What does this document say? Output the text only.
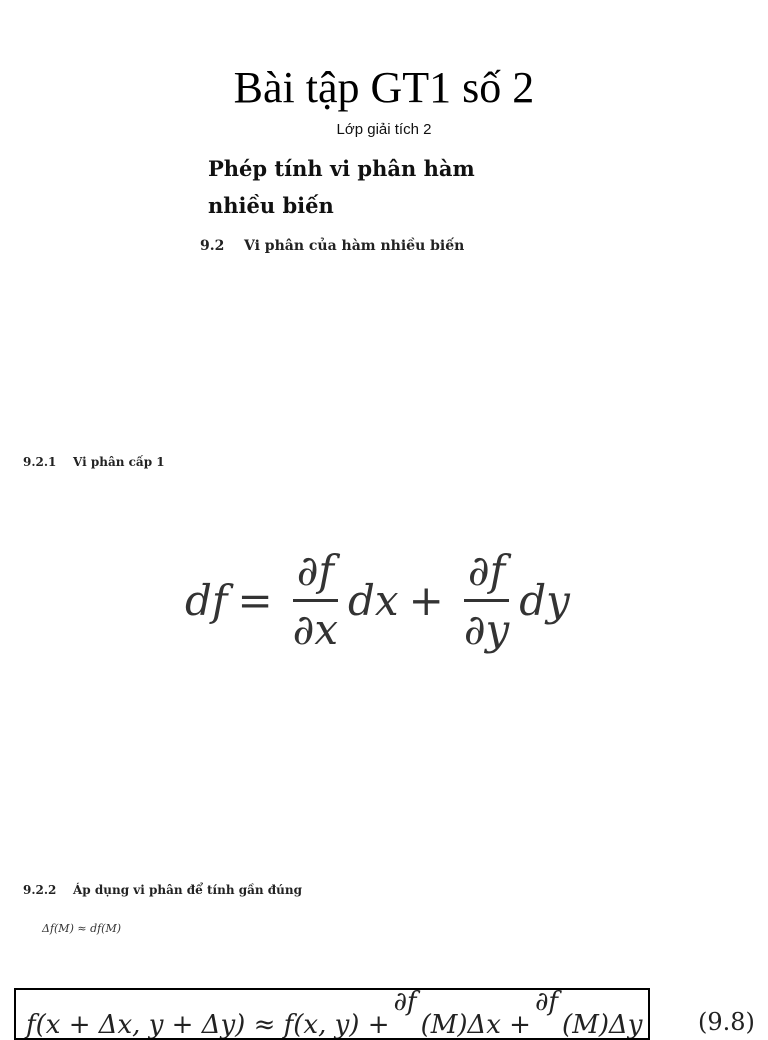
Bài tập GT1 số 2
Lớp giải tích 2
Phép tính vi phân hàm nhiều biến
9.2 Vi phân của hàm nhiều biến
9.2.1 Vi phân cấp 1
df = $\frac{\partial f}{\partial x}$ dx + $\frac{\partial f}{\partial y}$ dy
9.2.2 Áp dụng vi phân để tính gần đúng
Δf(M) ≈ df(M)
f(x + Δx, y + Δy) ≈ f(x, y) +
∂f
(M)Δx +
∂f
(M)Δy (9.8)
